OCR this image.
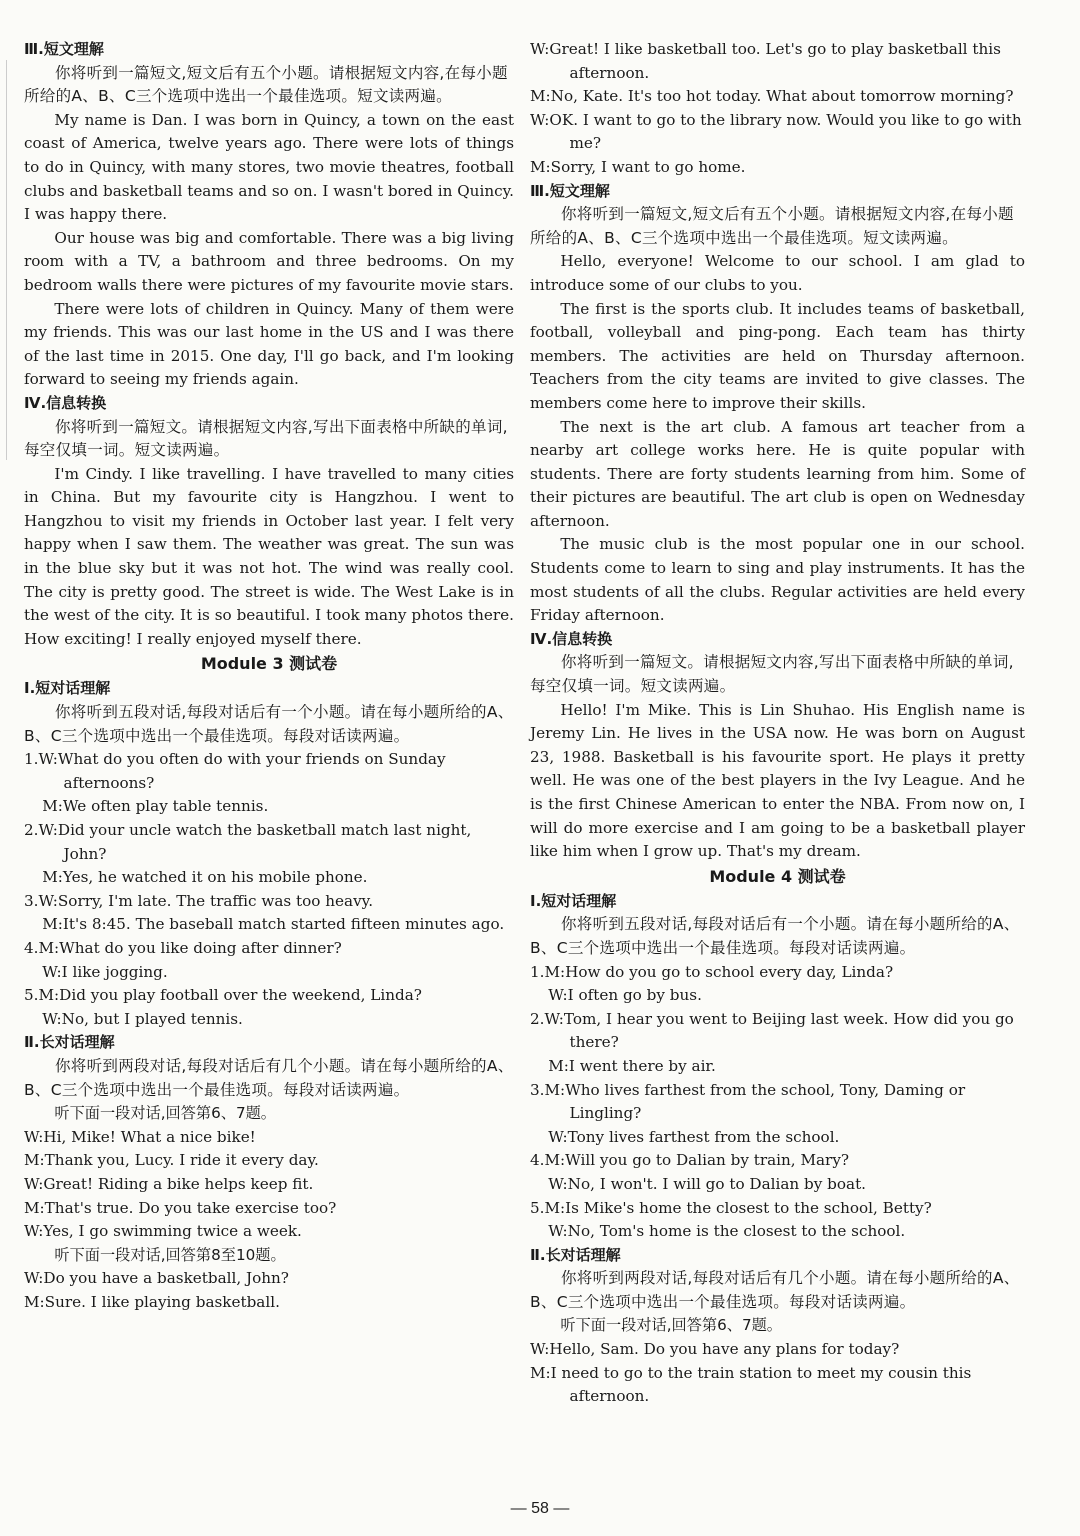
Ⅲ.短文理解

你将听到一篇短文,短文后有五个小题。请根据短文内容,在每小题所给的A、B、C三个选项中选出一个最佳选项。短文读两遍。

My name is Dan. I was born in Quincy, a town on the east coast of America, twelve years ago. There were lots of things to do in Quincy, with many stores, two movie theatres, football clubs and basketball teams and so on. I wasn't bored in Quincy. I was happy there.

Our house was big and comfortable. There was a big living room with a TV, a bathroom and three bedrooms. On my bedroom walls there were pictures of my favourite movie stars.

There were lots of children in Quincy. Many of them were my friends. This was our last home in the US and I was there of the last time in 2015. One day, I'll go back, and I'm looking forward to seeing my friends again.

Ⅳ.信息转换

你将听到一篇短文。请根据短文内容,写出下面表格中所缺的单词,每空仅填一词。短文读两遍。

I'm Cindy. I like travelling. I have travelled to many cities in China. But my favourite city is Hangzhou. I went to Hangzhou to visit my friends in October last year. I felt very happy when I saw them. The weather was great. The sun was in the blue sky but it was not hot. The wind was really cool. The city is pretty good. The street is wide. The West Lake is in the west of the city. It is so beautiful. I took many photos there. How exciting! I really enjoyed myself there.

Module 3 测试卷

Ⅰ.短对话理解

你将听到五段对话,每段对话后有一个小题。请在每小题所给的A、B、C三个选项中选出一个最佳选项。每段对话读两遍。

1.W:What do you often do with your friends on Sunday afternoons?

M:We often play table tennis.

2.W:Did your uncle watch the basketball match last night, John?

M:Yes, he watched it on his mobile phone.

3.W:Sorry, I'm late. The traffic was too heavy.

M:It's 8:45. The baseball match started fifteen minutes ago.

4.M:What do you like doing after dinner?

W:I like jogging.

5.M:Did you play football over the weekend, Linda?

W:No, but I played tennis.

Ⅱ.长对话理解

你将听到两段对话,每段对话后有几个小题。请在每小题所给的A、B、C三个选项中选出一个最佳选项。每段对话读两遍。

听下面一段对话,回答第6、7题。

W:Hi, Mike! What a nice bike!

M:Thank you, Lucy. I ride it every day.

W:Great! Riding a bike helps keep fit.

M:That's true. Do you take exercise too?

W:Yes, I go swimming twice a week.

听下面一段对话,回答第8至10题。

W:Do you have a basketball, John?

M:Sure. I like playing basketball.

W:Great! I like basketball too. Let's go to play basketball this afternoon.

M:No, Kate. It's too hot today. What about tomorrow morning?

W:OK. I want to go to the library now. Would you like to go with me?

M:Sorry, I want to go home.

Ⅲ.短文理解

你将听到一篇短文,短文后有五个小题。请根据短文内容,在每小题所给的A、B、C三个选项中选出一个最佳选项。短文读两遍。

Hello, everyone! Welcome to our school. I am glad to introduce some of our clubs to you.

The first is the sports club. It includes teams of basketball, football, volleyball and ping-pong. Each team has thirty members. The activities are held on Thursday afternoon. Teachers from the city teams are invited to give classes. The members come here to improve their skills.

The next is the art club. A famous art teacher from a nearby art college works here. He is quite popular with students. There are forty students learning from him. Some of their pictures are beautiful. The art club is open on Wednesday afternoon.

The music club is the most popular one in our school. Students come to learn to sing and play instruments. It has the most students of all the clubs. Regular activities are held every Friday afternoon.

Ⅳ.信息转换

你将听到一篇短文。请根据短文内容,写出下面表格中所缺的单词,每空仅填一词。短文读两遍。

Hello! I'm Mike. This is Lin Shuhao. His English name is Jeremy Lin. He lives in the USA now. He was born on August 23, 1988. Basketball is his favourite sport. He plays it pretty well. He was one of the best players in the Ivy League. And he is the first Chinese American to enter the NBA. From now on, I will do more exercise and I am going to be a basketball player like him when I grow up. That's my dream.

Module 4 测试卷

Ⅰ.短对话理解

你将听到五段对话,每段对话后有一个小题。请在每小题所给的A、B、C三个选项中选出一个最佳选项。每段对话读两遍。

1.M:How do you go to school every day, Linda?

W:I often go by bus.

2.W:Tom, I hear you went to Beijing last week. How did you go there?

M:I went there by air.

3.M:Who lives farthest from the school, Tony, Daming or Lingling?

W:Tony lives farthest from the school.

4.M:Will you go to Dalian by train, Mary?

W:No, I won't. I will go to Dalian by boat.

5.M:Is Mike's home the closest to the school, Betty?

W:No, Tom's home is the closest to the school.

Ⅱ.长对话理解

你将听到两段对话,每段对话后有几个小题。请在每小题所给的A、B、C三个选项中选出一个最佳选项。每段对话读两遍。

听下面一段对话,回答第6、7题。

W:Hello, Sam. Do you have any plans for today?

M:I need to go to the train station to meet my cousin this afternoon.

— 58 —
